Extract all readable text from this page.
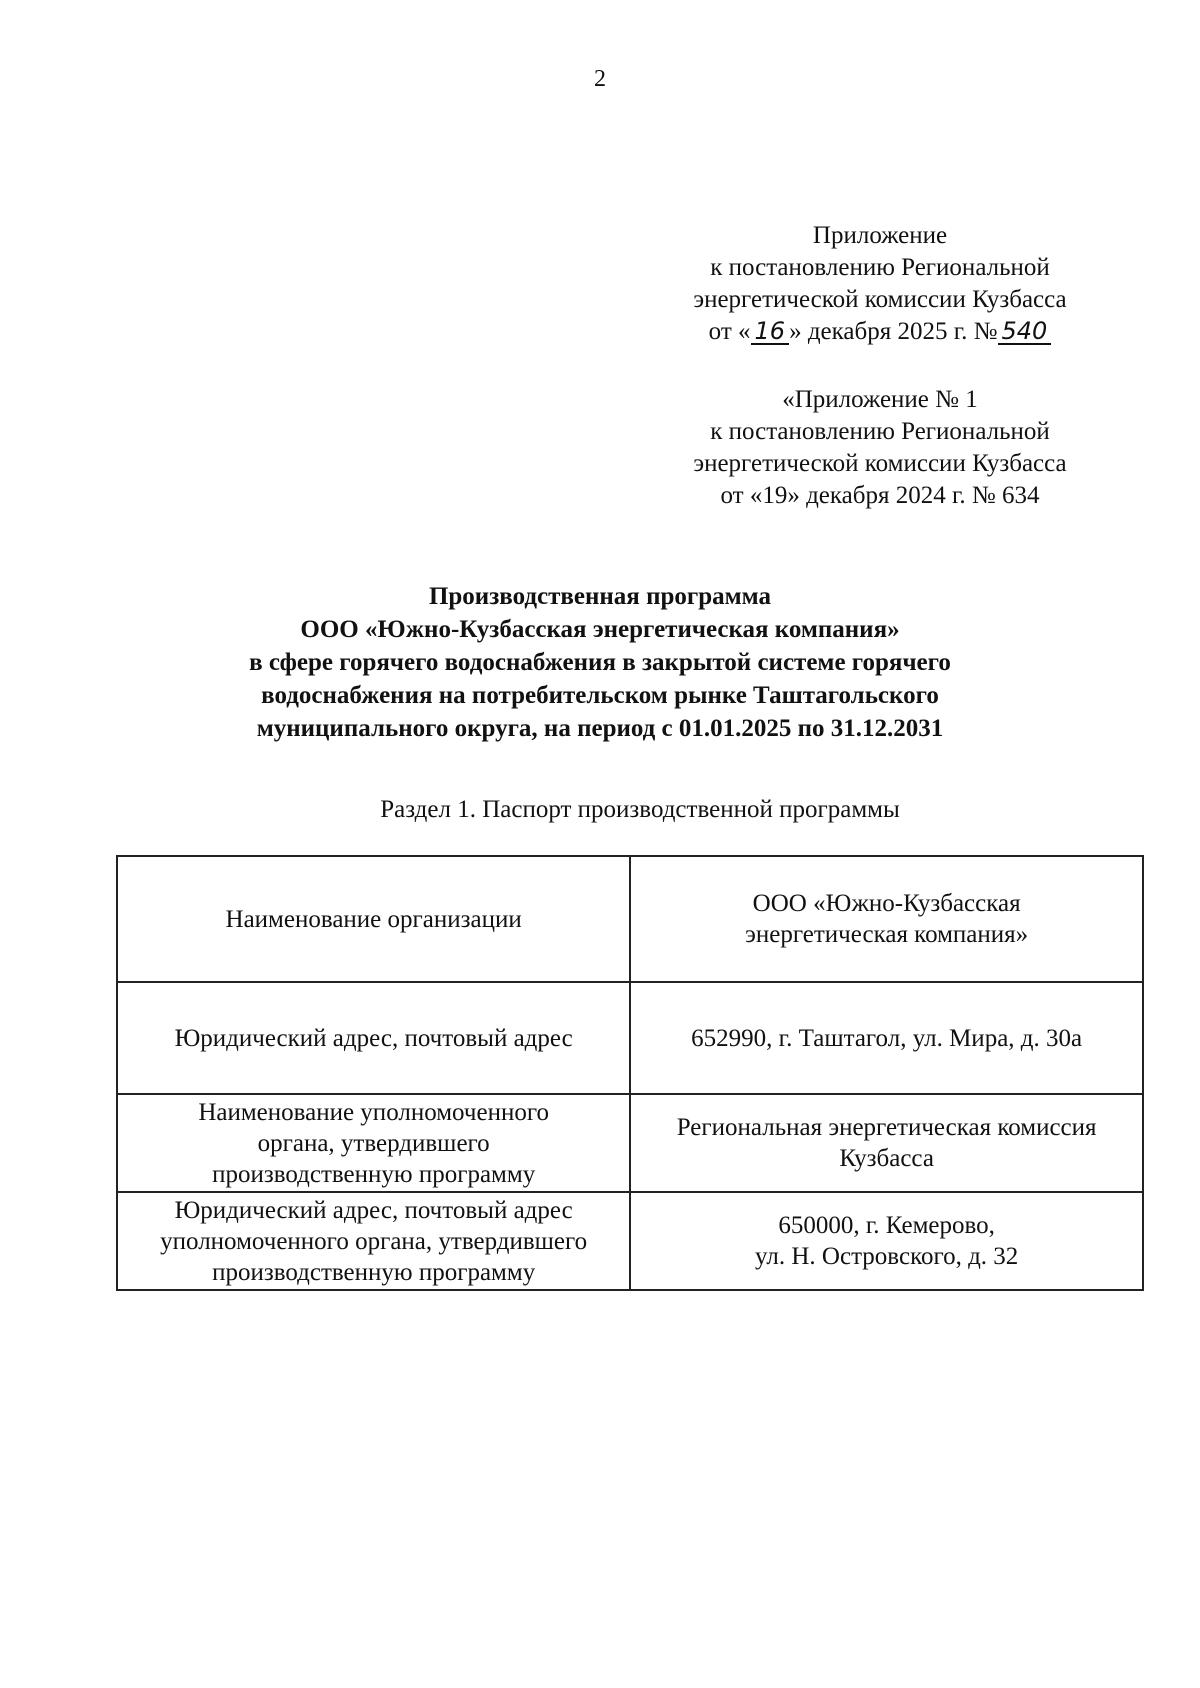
2
Приложение
к постановлению Региональной
энергетической комиссии Кузбасса
от « 16 » декабря 2025 г. № 540
«Приложение № 1
к постановлению Региональной
энергетической комиссии Кузбасса
от «19» декабря 2024 г. № 634
Производственная программа
ООО «Южно-Кузбасская энергетическая компания»
в сфере горячего водоснабжения в закрытой системе горячего
водоснабжения на потребительском рынке Таштагольского
муниципального округа, на период с 01.01.2025 по 31.12.2031
Раздел 1. Паспорт производственной программы
Наименование организации	ООО «Южно-Кузбасская
энергетическая компания»

Юридический адрес, почтовый адрес	652990, г. Таштагол, ул. Мира, д. 30а

Наименование уполномоченного
органа, утвердившего
производственную программу	Региональная энергетическая комиссия
Кузбасса

Юридический адрес, почтовый адрес
уполномоченного органа, утвердившего
производственную программу	650000, г. Кемерово,
ул. Н. Островского, д. 32
